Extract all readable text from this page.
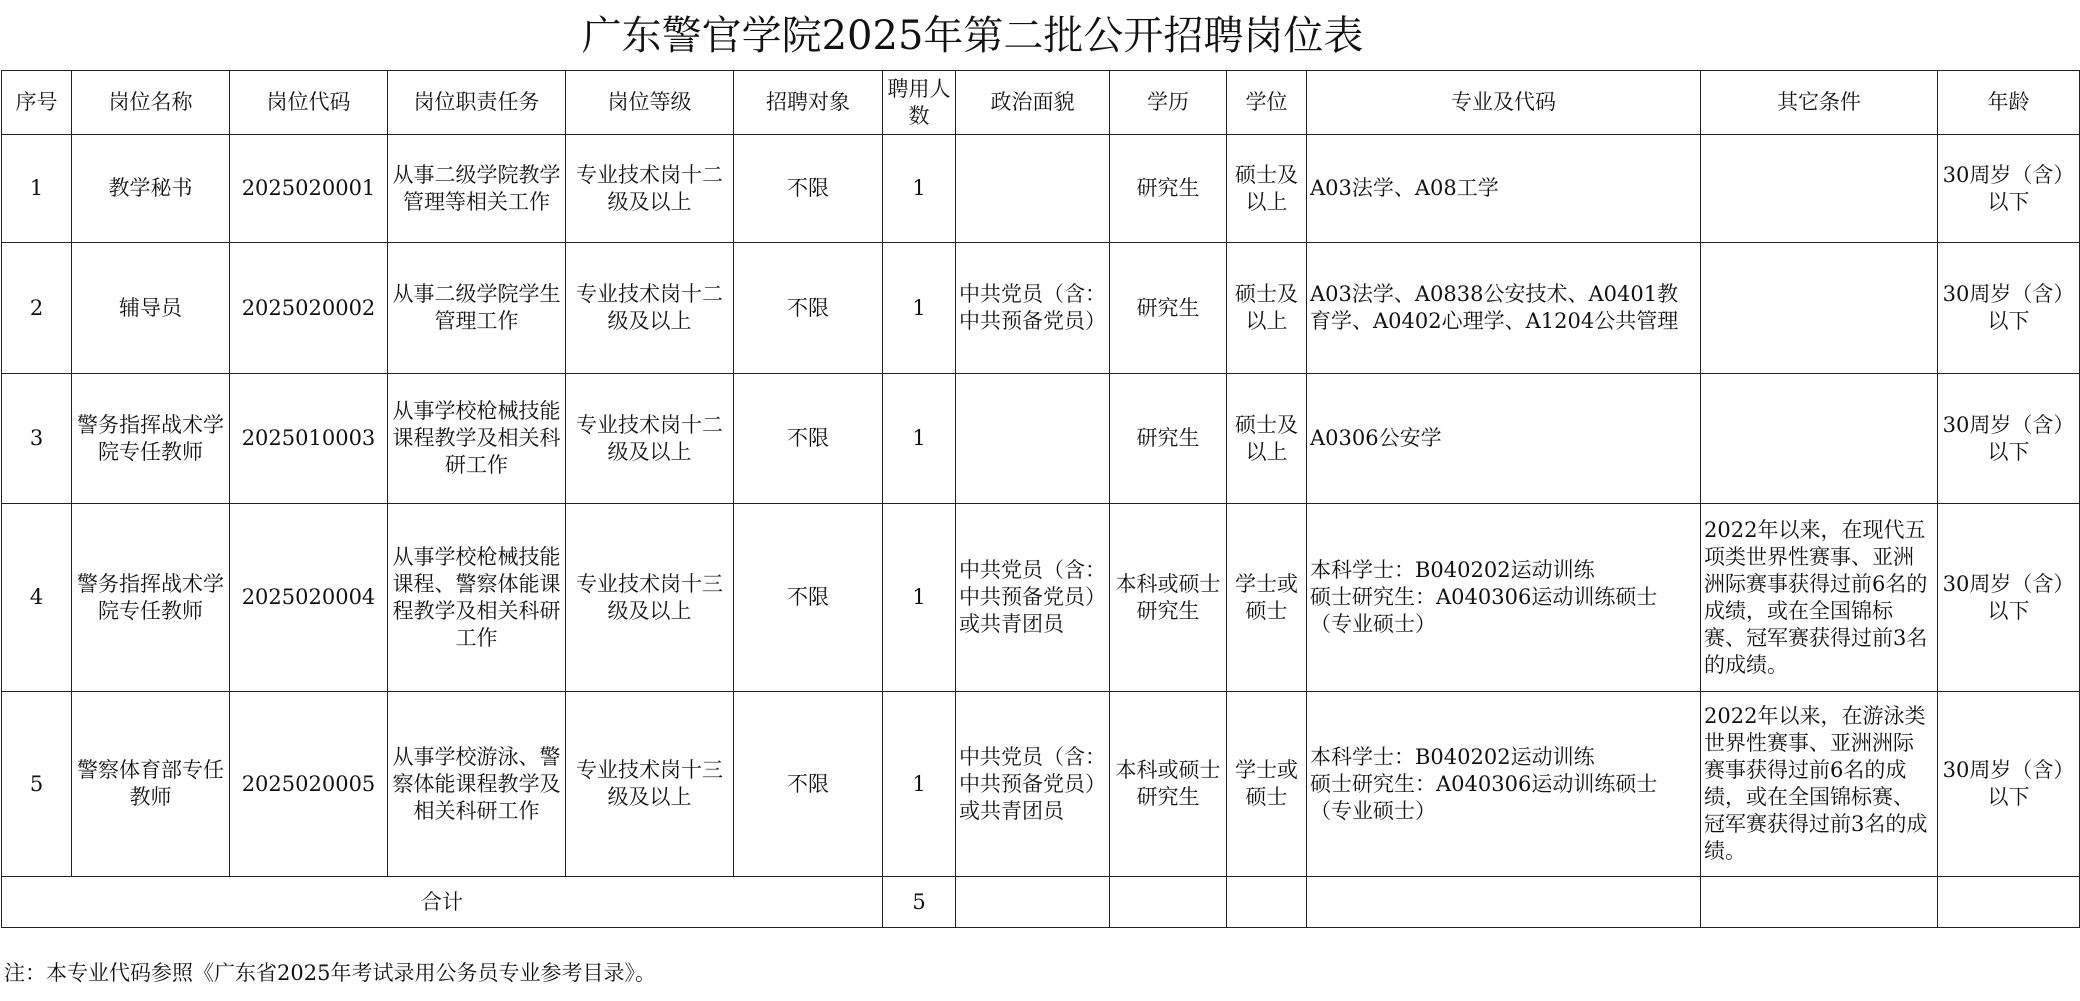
广东警官学院2025年第二批公开招聘岗位表
序号	岗位名称	岗位代码	岗位职责任务	岗位等级	招聘对象	聘用人数	政治面貌	学历	学位	专业及代码	其它条件	年龄
1	教学秘书	2025020001	从事二级学院教学管理等相关工作	专业技术岗十二级及以上	不限	1		研究生	硕士及以上	A03法学、A08工学		30周岁（含）以下
2	辅导员	2025020002	从事二级学院学生管理工作	专业技术岗十二级及以上	不限	1	中共党员（含：中共预备党员）	研究生	硕士及以上	A03法学、A0838公安技术、A0401教育学、A0402心理学、A1204公共管理		30周岁（含）以下
3	警务指挥战术学院专任教师	2025010003	从事学校枪械技能课程教学及相关科研工作	专业技术岗十二级及以上	不限	1		研究生	硕士及以上	A0306公安学		30周岁（含）以下
4	警务指挥战术学院专任教师	2025020004	从事学校枪械技能课程、警察体能课程教学及相关科研工作	专业技术岗十三级及以上	不限	1	中共党员（含：中共预备党员）或共青团员	本科或硕士研究生	学士或硕士	本科学士：B040202运动训练
硕士研究生：A040306运动训练硕士（专业硕士）	2022年以来，在现代五项类世界性赛事、亚洲洲际赛事获得过前6名的成绩，或在全国锦标赛、冠军赛获得过前3名的成绩。	30周岁（含）以下
5	警察体育部专任教师	2025020005	从事学校游泳、警察体能课程教学及相关科研工作	专业技术岗十三级及以上	不限	1	中共党员（含：中共预备党员）或共青团员	本科或硕士研究生	学士或硕士	本科学士：B040202运动训练
硕士研究生：A040306运动训练硕士（专业硕士）	2022年以来，在游泳类世界性赛事、亚洲洲际赛事获得过前6名的成绩，或在全国锦标赛、冠军赛获得过前3名的成绩。	30周岁（含）以下
合计						5						
注：本专业代码参照《广东省2025年考试录用公务员专业参考目录》。
